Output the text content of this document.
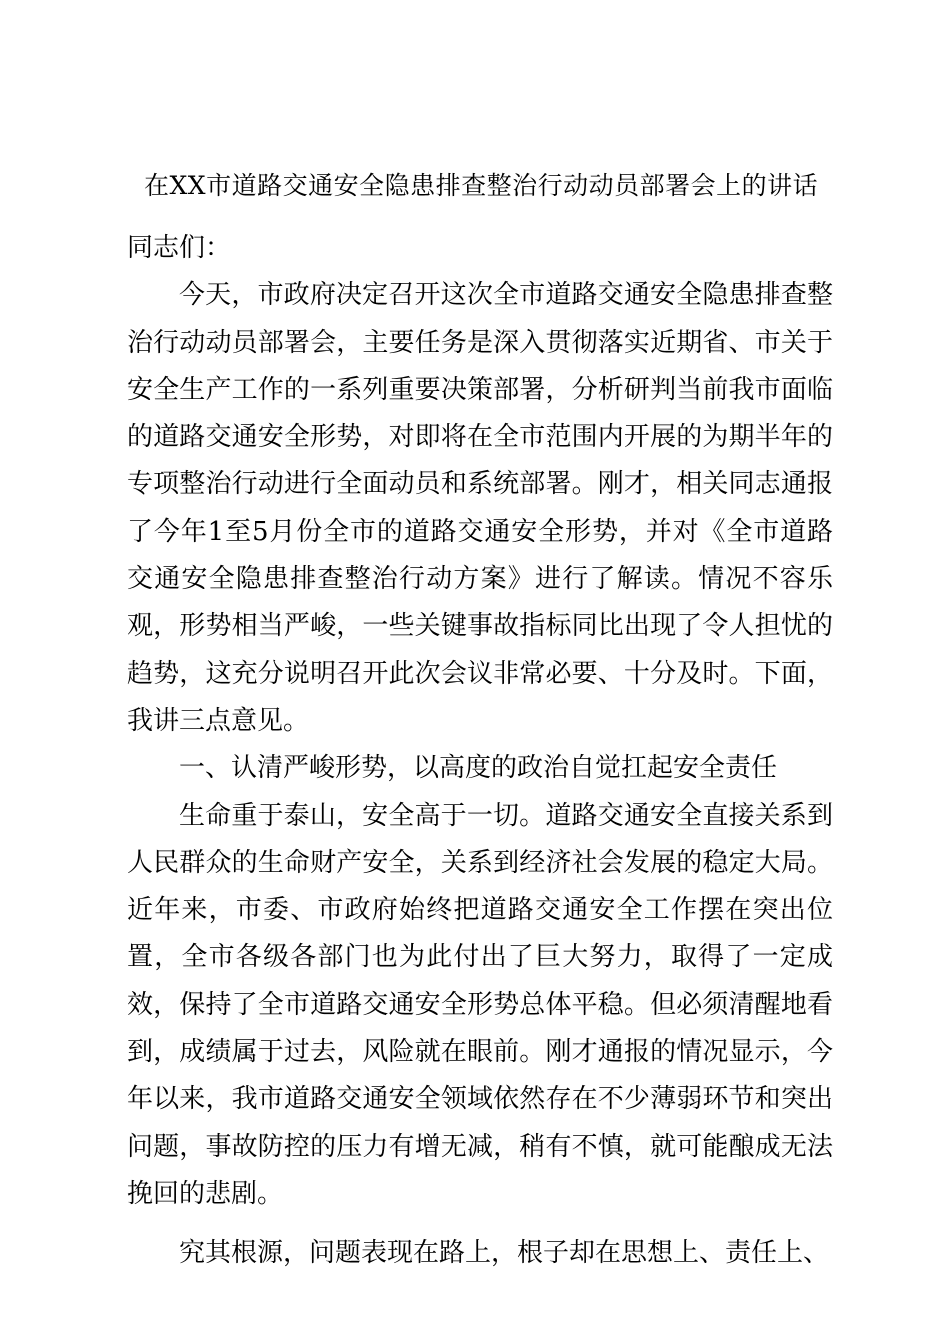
在XX市道路交通安全隐患排查整治行动动员部署会上的讲话

同志们：

今天，市政府决定召开这次全市道路交通安全隐患排查整治行动动员部署会，主要任务是深入贯彻落实近期省、市关于安全生产工作的一系列重要决策部署，分析研判当前我市面临的道路交通安全形势，对即将在全市范围内开展的为期半年的专项整治行动进行全面动员和系统部署。刚才，相关同志通报了今年1至5月份全市的道路交通安全形势，并对《全市道路交通安全隐患排查整治行动方案》进行了解读。情况不容乐观，形势相当严峻，一些关键事故指标同比出现了令人担忧的趋势，这充分说明召开此次会议非常必要、十分及时。下面，我讲三点意见。

一、认清严峻形势，以高度的政治自觉扛起安全责任

生命重于泰山，安全高于一切。道路交通安全直接关系到人民群众的生命财产安全，关系到经济社会发展的稳定大局。近年来，市委、市政府始终把道路交通安全工作摆在突出位置，全市各级各部门也为此付出了巨大努力，取得了一定成效，保持了全市道路交通安全形势总体平稳。但必须清醒地看到，成绩属于过去，风险就在眼前。刚才通报的情况显示，今年以来，我市道路交通安全领域依然存在不少薄弱环节和突出问题，事故防控的压力有增无减，稍有不慎，就可能酿成无法挽回的悲剧。

究其根源，问题表现在路上，根子却在思想上、责任上、
